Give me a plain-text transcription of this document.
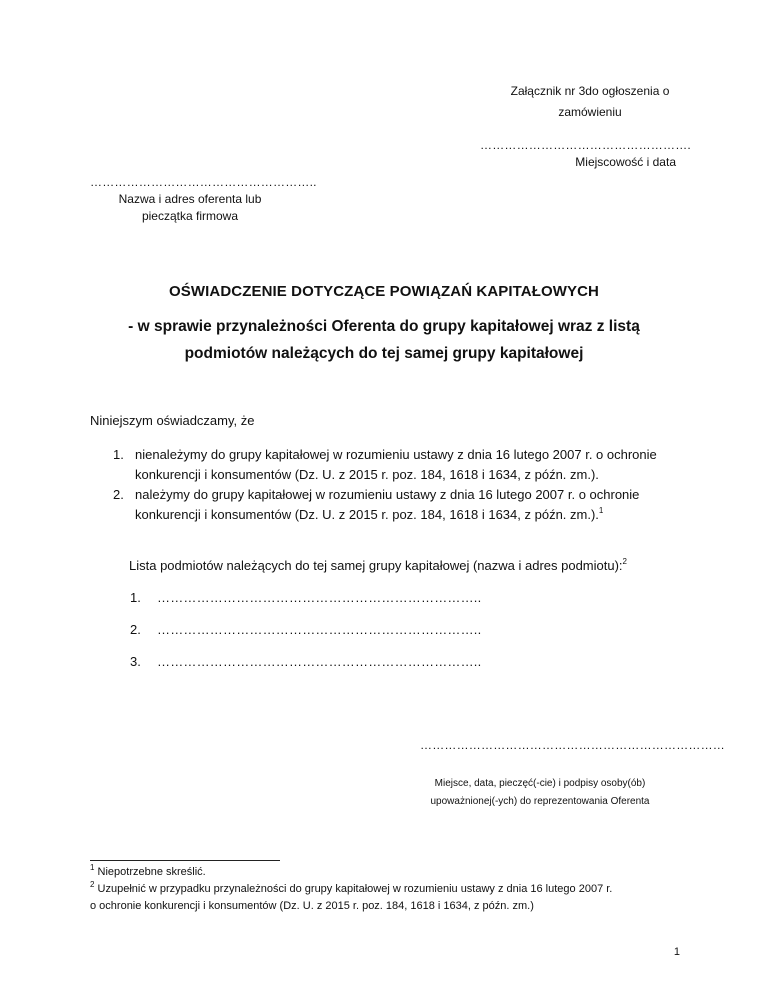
Załącznik nr 3do ogłoszenia o
zamówieniu
…………………………………………….
Miejscowość i data
………………………………………………..
Nazwa i adres oferenta lub
pieczątka firmowa
OŚWIADCZENIE DOTYCZĄCE POWIĄZAŃ KAPITAŁOWYCH
- w sprawie przynależności Oferenta do grupy kapitałowej wraz z listą
podmiotów należących do tej samej grupy kapitałowej
Niniejszym oświadczamy, że
1. nienależymy do grupy kapitałowej w rozumieniu ustawy z dnia 16 lutego 2007 r. o ochronie
konkurencji i konsumentów (Dz. U. z 2015 r. poz. 184, 1618 i 1634, z późn. zm.).
2. należymy do grupy kapitałowej w rozumieniu ustawy z dnia 16 lutego 2007 r. o ochronie
konkurencji i konsumentów (Dz. U. z 2015 r. poz. 184, 1618 i 1634, z późn. zm.).$^1$
Lista podmiotów należących do tej samej grupy kapitałowej (nazwa i adres podmiotu):$^2$
1. ………………………………………………………………..
2. ………………………………………………………………..
3. ………………………………………………………………..
…………………………………………………………………
Miejsce, data, pieczęć(-cie) i podpisy osoby(ób)
upoważnionej(-ych) do reprezentowania Oferenta
$^1$ Niepotrzebne skreślić.
$^2$ Uzupełnić w przypadku przynależności do grupy kapitałowej w rozumieniu ustawy z dnia 16 lutego 2007 r.
o ochronie konkurencji i konsumentów (Dz. U. z 2015 r. poz. 184, 1618 i 1634, z późn. zm.)
1
